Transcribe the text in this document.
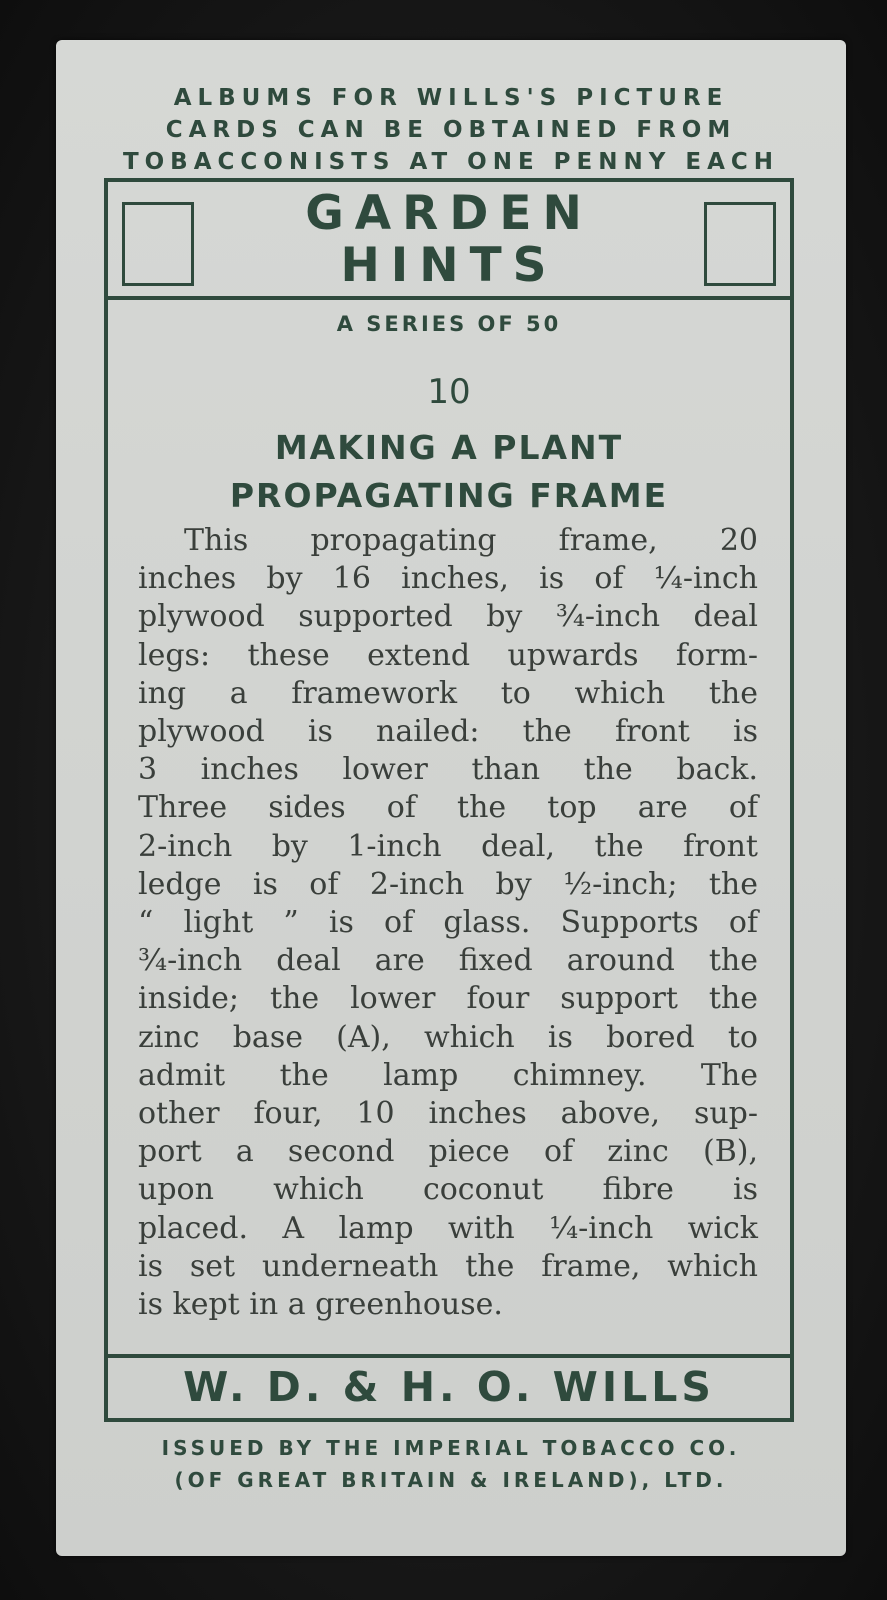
ALBUMS FOR WILLS'S PICTURE
CARDS CAN BE OBTAINED FROM
TOBACCONISTS AT ONE PENNY EACH
GARDEN
HINTS
A SERIES OF 50
10
MAKING A PLANT
PROPAGATING FRAME
This propagating frame, 20
inches by 16 inches, is of ¼-inch
plywood supported by ¾-inch deal
legs: these extend upwards form-
ing a framework to which the
plywood is nailed: the front is
3 inches lower than the back.
Three sides of the top are of
2-inch by 1-inch deal, the front
ledge is of 2-inch by ½-inch; the
“ light ” is of glass. Supports of
¾-inch deal are fixed around the
inside; the lower four support the
zinc base (A), which is bored to
admit the lamp chimney. The
other four, 10 inches above, sup-
port a second piece of zinc (B),
upon which coconut fibre is
placed. A lamp with ¼-inch wick
is set underneath the frame, which
is kept in a greenhouse.
W. D. & H. O. WILLS
ISSUED BY THE IMPERIAL TOBACCO CO.
(OF GREAT BRITAIN & IRELAND), LTD.
